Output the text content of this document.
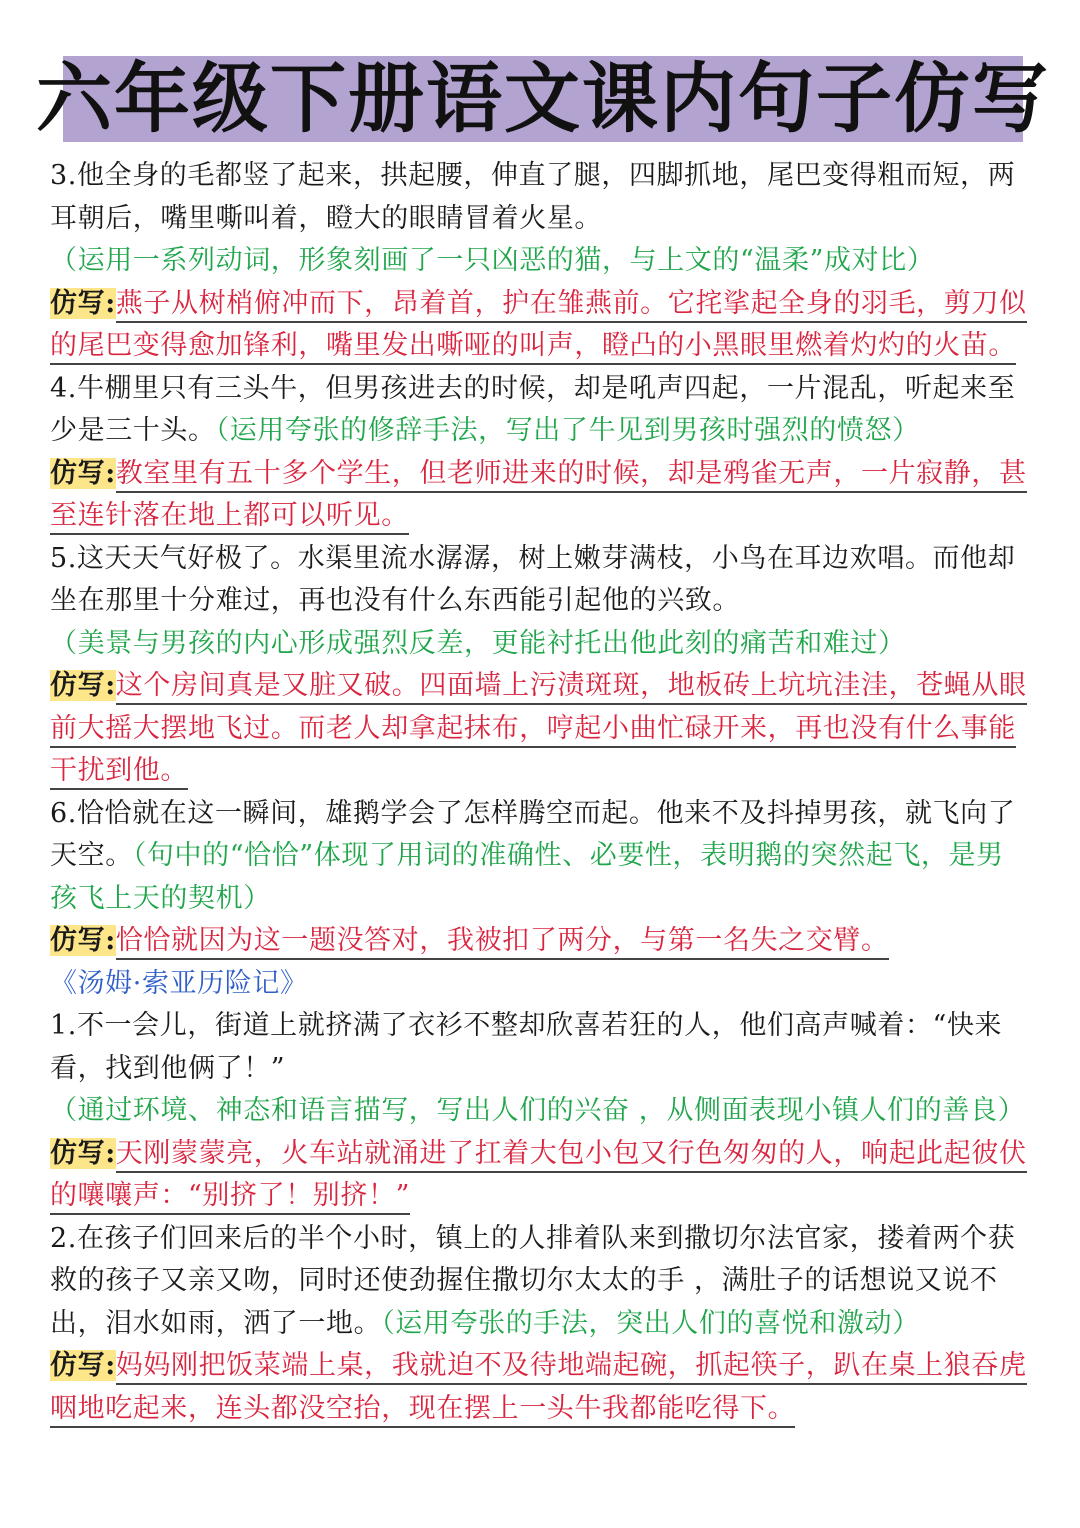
六年级下册语文课内句子仿写

3.他全身的毛都竖了起来，拱起腰，伸直了腿，四脚抓地，尾巴变得粗而短，两耳朝后，嘴里嘶叫着，瞪大的眼睛冒着火星。

（运用一系列动词，形象刻画了一只凶恶的猫，与上文的“温柔”成对比）

仿写:燕子从树梢俯冲而下，昂着首，护在雏燕前。它挓挲起全身的羽毛，剪刀似的尾巴变得愈加锋利，嘴里发出嘶哑的叫声，瞪凸的小黑眼里燃着灼灼的火苗。

4.牛棚里只有三头牛，但男孩进去的时候，却是吼声四起，一片混乱，听起来至少是三十头。（运用夸张的修辞手法，写出了牛见到男孩时强烈的愤怒）

仿写:教室里有五十多个学生，但老师进来的时候，却是鸦雀无声，一片寂静，甚至连针落在地上都可以听见。

5.这天天气好极了。水渠里流水潺潺，树上嫩芽满枝，小鸟在耳边欢唱。而他却坐在那里十分难过，再也没有什么东西能引起他的兴致。

（美景与男孩的内心形成强烈反差，更能衬托出他此刻的痛苦和难过）

仿写:这个房间真是又脏又破。四面墙上污渍斑斑，地板砖上坑坑洼洼，苍蝇从眼前大摇大摆地飞过。而老人却拿起抹布，哼起小曲忙碌开来，再也没有什么事能干扰到他。

6.恰恰就在这一瞬间，雄鹅学会了怎样腾空而起。他来不及抖掉男孩，就飞向了天空。（句中的“恰恰”体现了用词的准确性、必要性，表明鹅的突然起飞，是男孩飞上天的契机）

仿写:恰恰就因为这一题没答对，我被扣了两分，与第一名失之交臂。

《汤姆·索亚历险记》

1.不一会儿，街道上就挤满了衣衫不整却欣喜若狂的人，他们高声喊着：“快来看，找到他俩了！”

（通过环境、神态和语言描写，写出人们的兴奋 ，从侧面表现小镇人们的善良）

仿写:天刚蒙蒙亮，火车站就涌进了扛着大包小包又行色匆匆的人，响起此起彼伏的嚷嚷声：“别挤了！别挤！”

2.在孩子们回来后的半个小时，镇上的人排着队来到撒切尔法官家，搂着两个获救的孩子又亲又吻，同时还使劲握住撒切尔太太的手 ，满肚子的话想说又说不出，泪水如雨，洒了一地。（运用夸张的手法，突出人们的喜悦和激动）

仿写:妈妈刚把饭菜端上桌，我就迫不及待地端起碗，抓起筷子，趴在桌上狼吞虎咽地吃起来，连头都没空抬，现在摆上一头牛我都能吃得下。
